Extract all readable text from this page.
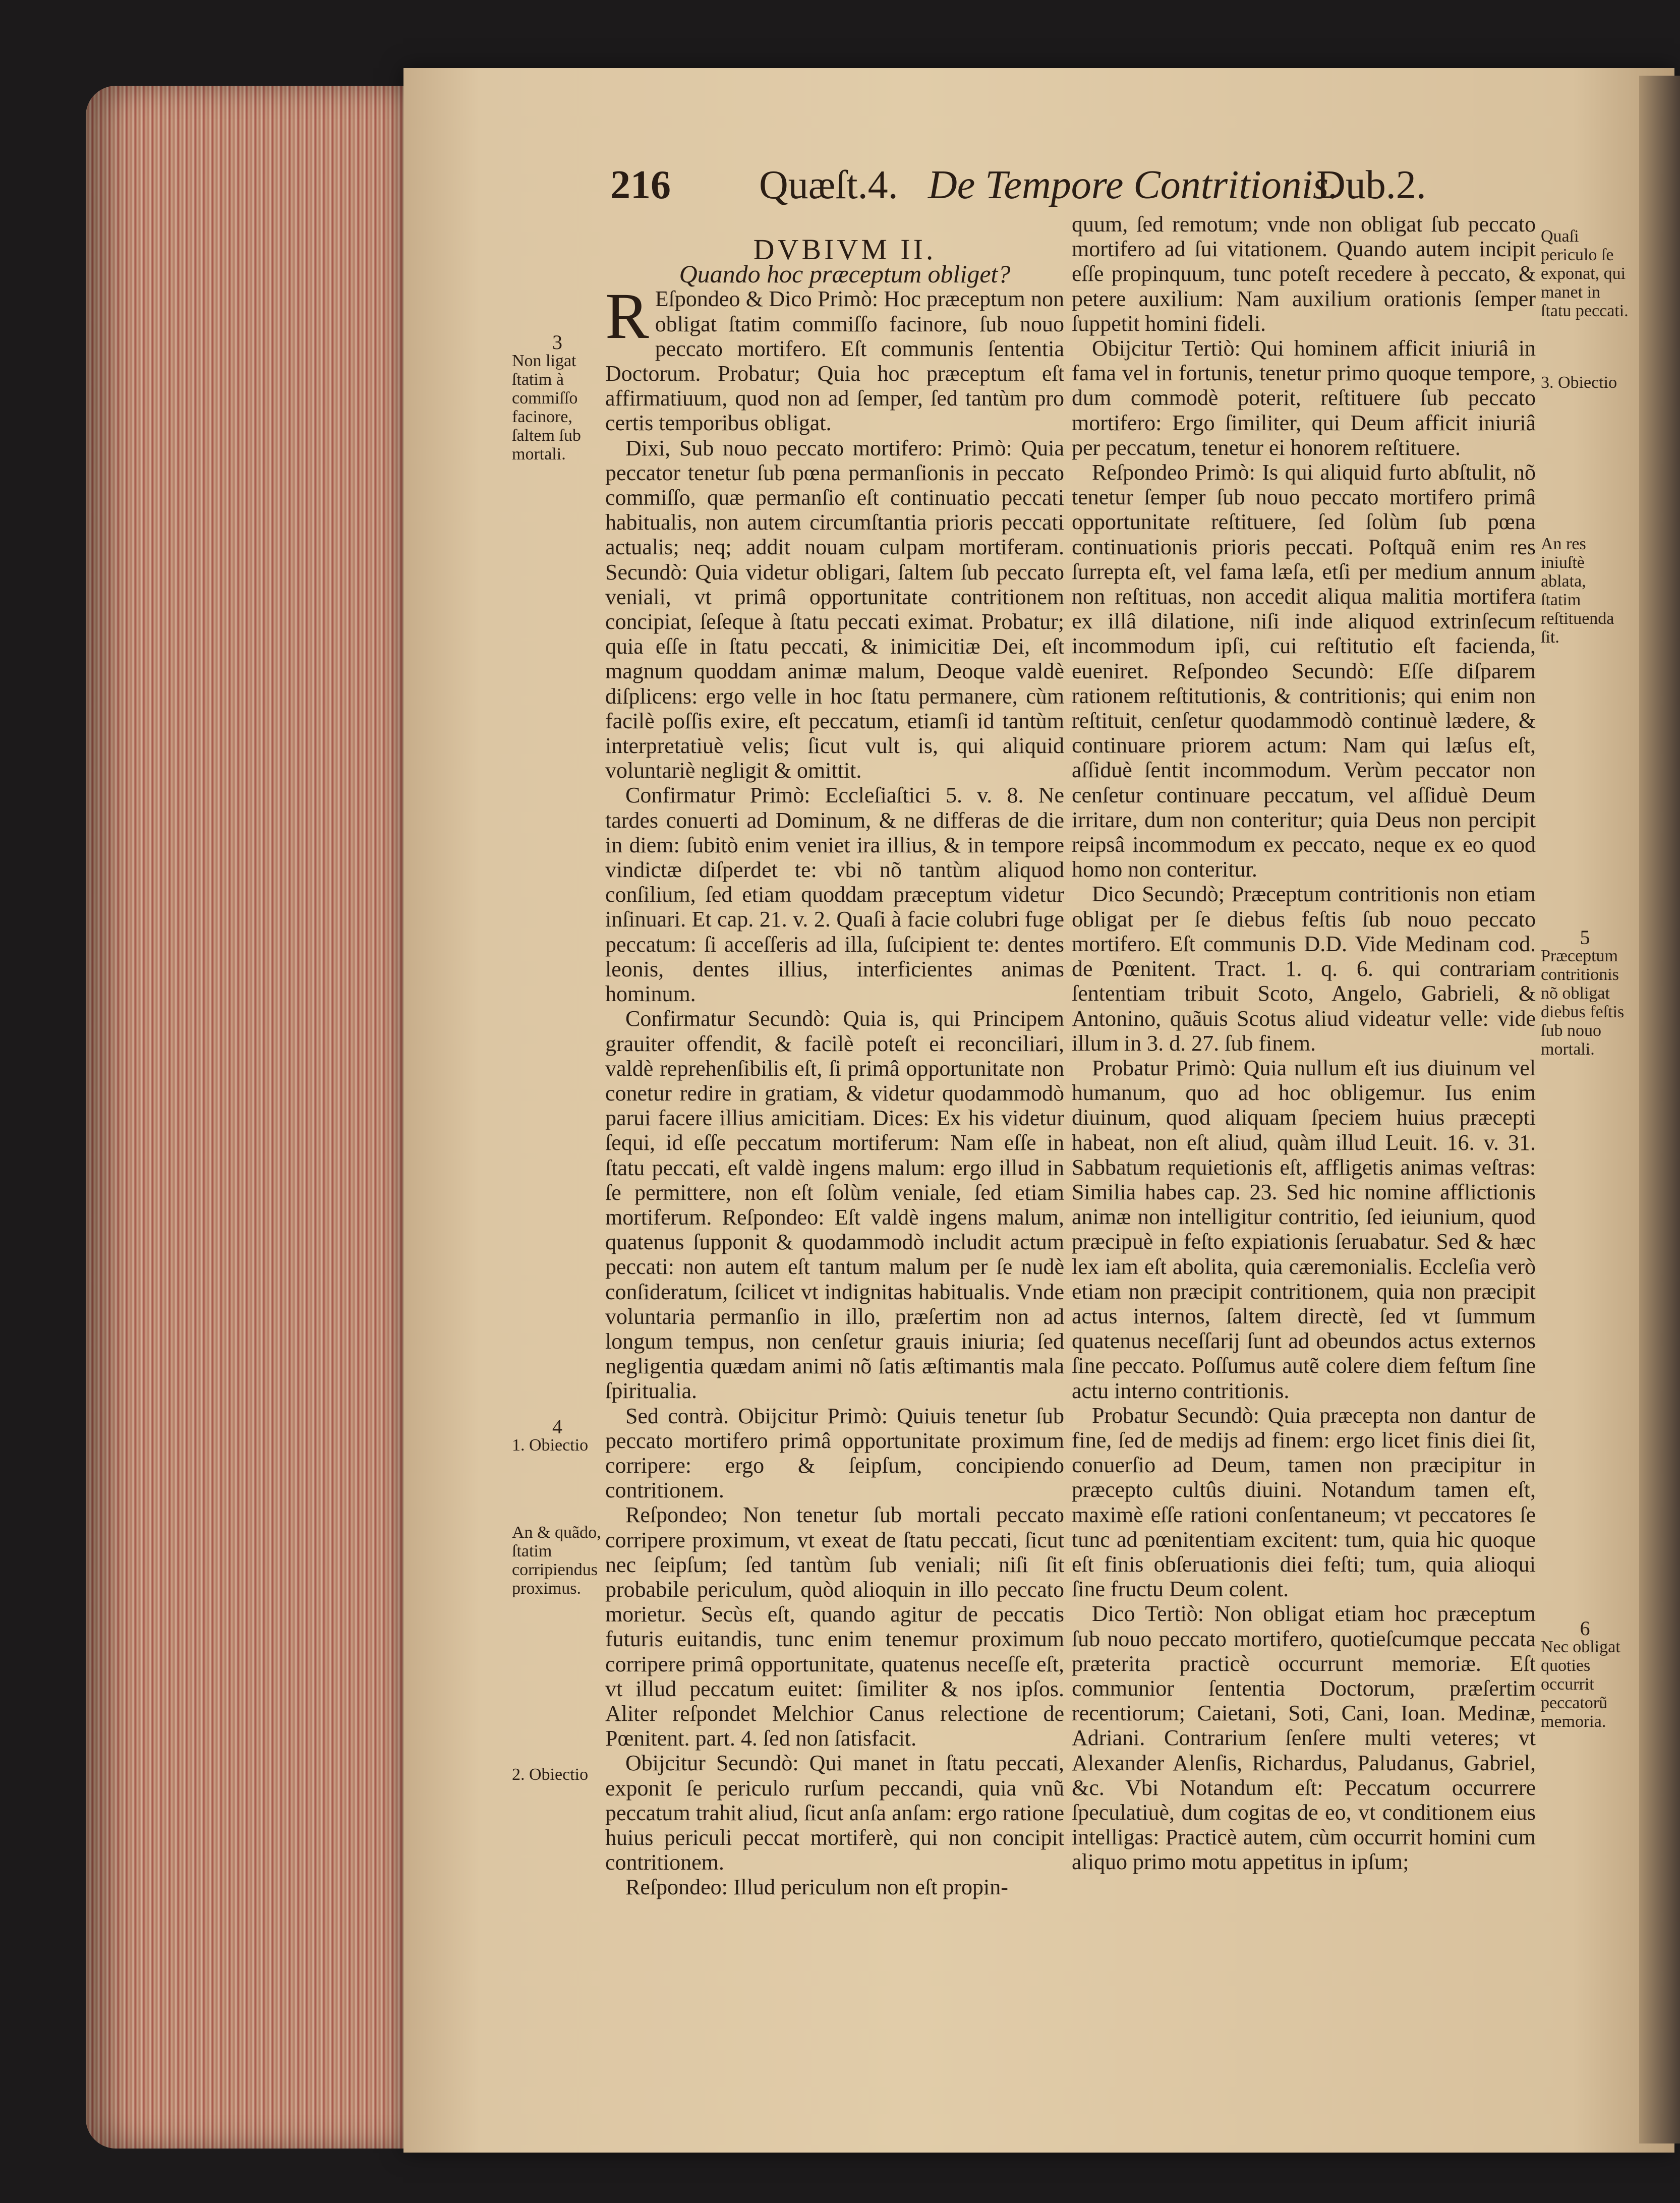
216 Quæſt.4. De Tempore Contritionis.
Dub.2.

DVBIVM II.

Quando hoc præceptum obliget?

R Eſpondeo & Dico Primò: Hoc præceptum non obligat ſtatim commiſſo facinore, ſub nouo peccato mortifero. Eſt communis ſententia Doctorum. Probatur; Quia hoc præceptum eſt affirmatiuum, quod non ad ſemper, ſed tantùm pro certis temporibus obligat.

Dixi, Sub nouo peccato mortifero: Primò: Quia peccator tenetur ſub pœna permanſionis in peccato commiſſo, quæ permanſio eſt continuatio peccati habitualis, non autem circumſtantia prioris peccati actualis; neq; addit nouam culpam mortiferam. Secundò: Quia videtur obligari, ſaltem ſub peccato veniali, vt primâ opportunitate contritionem concipiat, ſeſeque à ſtatu peccati eximat. Probatur; quia eſſe in ſtatu peccati, & inimicitiæ Dei, eſt magnum quoddam animæ malum, Deoque valdè diſplicens: ergo velle in hoc ſtatu permanere, cùm facilè poſſis exire, eſt peccatum, etiamſi id tantùm interpretatiuè velis; ſicut vult is, qui aliquid voluntariè negligit & omittit.

Confirmatur Primò: Eccleſiaſtici 5. v. 8. Ne tardes conuerti ad Dominum, & ne differas de die in diem: ſubitò enim veniet ira illius, & in tempore vindictæ diſperdet te: vbi nõ tantùm aliquod conſilium, ſed etiam quoddam præceptum videtur inſinuari. Et cap. 21. v. 2. Quaſi à facie colubri fuge peccatum: ſi acceſſeris ad illa, ſuſcipient te: dentes leonis, dentes illius, interficientes animas hominum.

Confirmatur Secundò: Quia is, qui Principem grauiter offendit, & facilè poteſt ei reconciliari, valdè reprehenſibilis eſt, ſi primâ opportunitate non conetur redire in gratiam, & videtur quodammodò parui facere illius amicitiam. Dices: Ex his videtur ſequi, id eſſe peccatum mortiferum: Nam eſſe in ſtatu peccati, eſt valdè ingens malum: ergo illud in ſe permittere, non eſt ſolùm veniale, ſed etiam mortiferum. Reſpondeo: Eſt valdè ingens malum, quatenus ſupponit & quodammodò includit actum peccati: non autem eſt tantum malum per ſe nudè conſideratum, ſcilicet vt indignitas habitualis. Vnde voluntaria permanſio in illo, præſertim non ad longum tempus, non cenſetur grauis iniuria; ſed negligentia quædam animi nõ ſatis æſtimantis mala ſpiritualia.

Sed contrà. Obijcitur Primò: Quiuis tenetur ſub peccato mortifero primâ opportunitate proximum corripere: ergo & ſeipſum, concipiendo contritionem.

Reſpondeo; Non tenetur ſub mortali peccato corripere proximum, vt exeat de ſtatu peccati, ſicut nec ſeipſum; ſed tantùm ſub veniali; niſi ſit probabile periculum, quòd alioquin in illo peccato morietur. Secùs eſt, quando agitur de peccatis futuris euitandis, tunc enim tenemur proximum corripere primâ opportunitate, quatenus neceſſe eſt, vt illud peccatum euitet: ſimiliter & nos ipſos. Aliter reſpondet Melchior Canus relectione de Pœnitent. part. 4. ſed non ſatisfacit.

Obijcitur Secundò: Qui manet in ſtatu peccati, exponit ſe periculo rurſum peccandi, quia vnũ peccatum trahit aliud, ſicut anſa anſam: ergo ratione huius periculi peccat mortiferè, qui non concipit contritionem.

Reſpondeo: Illud periculum non eſt propin-

quum, ſed remotum; vnde non obligat ſub peccato mortifero ad ſui vitationem. Quando autem incipit eſſe propinquum, tunc poteſt recedere à peccato, & petere auxilium: Nam auxilium orationis ſemper ſuppetit homini fideli.

Obijcitur Tertiò: Qui hominem afficit iniuriâ in fama vel in fortunis, tenetur primo quoque tempore, dum commodè poterit, reſtituere ſub peccato mortifero: Ergo ſimiliter, qui Deum afficit iniuriâ per peccatum, tenetur ei honorem reſtituere.

Reſpondeo Primò: Is qui aliquid furto abſtulit, nõ tenetur ſemper ſub nouo peccato mortifero primâ opportunitate reſtituere, ſed ſolùm ſub pœna continuationis prioris peccati. Poſtquã enim res ſurrepta eſt, vel fama læſa, etſi per medium annum non reſtituas, non accedit aliqua malitia mortifera ex illâ dilatione, niſi inde aliquod extrinſecum incommodum ipſi, cui reſtitutio eſt facienda, eueniret. Reſpondeo Secundò: Eſſe diſparem rationem reſtitutionis, & contritionis; qui enim non reſtituit, cenſetur quodammodò continuè lædere, & continuare priorem actum: Nam qui læſus eſt, aſſiduè ſentit incommodum. Verùm peccator non cenſetur continuare peccatum, vel aſſiduè Deum irritare, dum non conteritur; quia Deus non percipit reipsâ incommodum ex peccato, neque ex eo quod homo non conteritur.

Dico Secundò; Præceptum contritionis non etiam obligat per ſe diebus feſtis ſub nouo peccato mortifero. Eſt communis D.D. Vide Medinam cod. de Pœnitent. Tract. 1. q. 6. qui contrariam ſententiam tribuit Scoto, Angelo, Gabrieli, & Antonino, quãuis Scotus aliud videatur velle: vide illum in 3. d. 27. ſub finem.

Probatur Primò: Quia nullum eſt ius diuinum vel humanum, quo ad hoc obligemur. Ius enim diuinum, quod aliquam ſpeciem huius præcepti habeat, non eſt aliud, quàm illud Leuit. 16. v. 31. Sabbatum requietionis eſt, affligetis animas veſtras: Similia habes cap. 23. Sed hic nomine afflictionis animæ non intelligitur contritio, ſed ieiunium, quod præcipuè in feſto expiationis ſeruabatur. Sed & hæc lex iam eſt abolita, quia cæremonialis. Eccleſia verò etiam non præcipit contritionem, quia non præcipit actus internos, ſaltem directè, ſed vt ſummum quatenus neceſſarij ſunt ad obeundos actus externos ſine peccato. Poſſumus autẽ colere diem feſtum ſine actu interno contritionis.

Probatur Secundò: Quia præcepta non dantur de fine, ſed de medijs ad finem: ergo licet finis diei ſit, conuerſio ad Deum, tamen non præcipitur in præcepto cultûs diuini. Notandum tamen eſt, maximè eſſe rationi conſentaneum; vt peccatores ſe tunc ad pœnitentiam excitent: tum, quia hic quoque eſt finis obſeruationis diei feſti; tum, quia alioqui ſine fructu Deum colent.

Dico Tertiò: Non obligat etiam hoc præceptum ſub nouo peccato mortifero, quotieſcumque peccata præterita practicè occurrunt memoriæ. Eſt communior ſententia Doctorum, præſertim recentiorum; Caietani, Soti, Cani, Ioan. Medinæ, Adriani. Contrarium ſenſere multi veteres; vt Alexander Alenſis, Richardus, Paludanus, Gabriel, &c. Vbi Notandum eſt: Peccatum occurrere ſpeculatiuè, dum cogitas de eo, vt conditionem eius intelligas: Practicè autem, cùm occurrit homini cum aliquo primo motu appetitus in ipſum;

3
Non ligat ſtatim à commiſſo facinore, ſaltem ſub mortali.
4
1. Obiectio
An & quãdo, ſtatim corripiendus proximus.
2. Obiectio
Quaſi periculo ſe exponat, qui manet in ſtatu peccati.
3. Obiectio
An res iniuſtè ablata, ſtatim reſtituenda ſit.
5
Præceptum contritionis nõ obligat diebus feſtis ſub nouo mortali.
6
Nec obligat quoties occurrit peccatorũ memoria.
